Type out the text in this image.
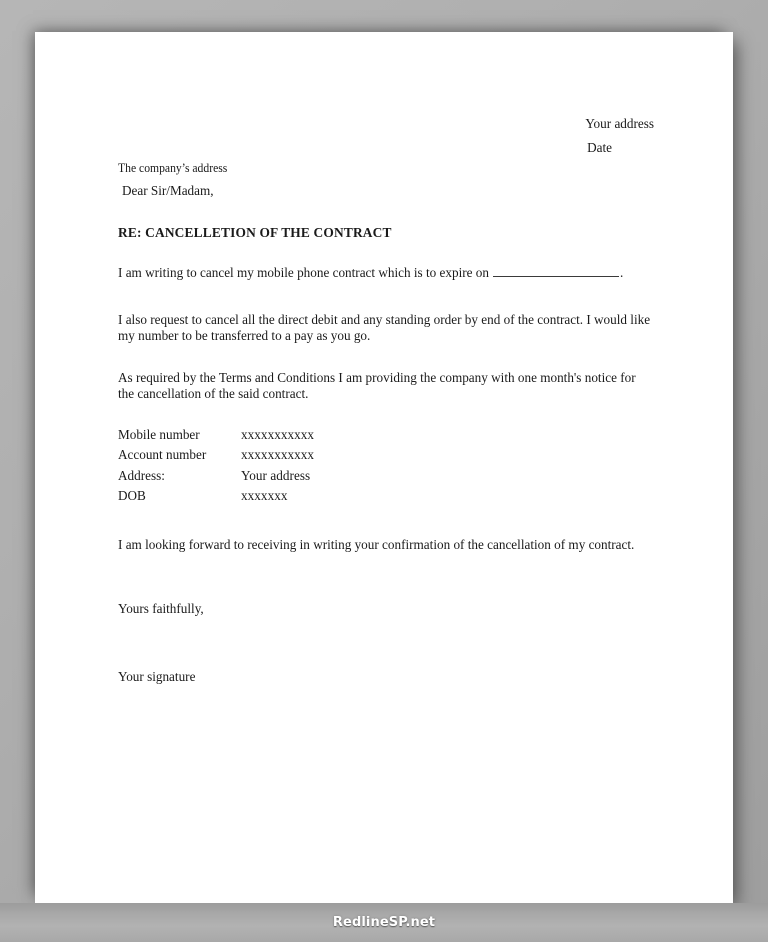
Your address
Date
The company’s address
Dear Sir/Madam,
RE: CANCELLETION OF THE CONTRACT
I am writing to cancel my mobile phone contract which is to expire on	.
I also request to cancel all the direct debit and any standing order by end of the contract. I would like my number to be transferred to a pay as you go.
As required by the Terms and Conditions I am providing the company with one month's notice for the cancellation of the said contract.
Mobile number	xxxxxxxxxxx
Account number	xxxxxxxxxxx
Address:	Your address
DOB	xxxxxxx
I am looking forward to receiving in writing your confirmation of the cancellation of my contract.
Yours faithfully,
Your signature
RedlineSP.net
